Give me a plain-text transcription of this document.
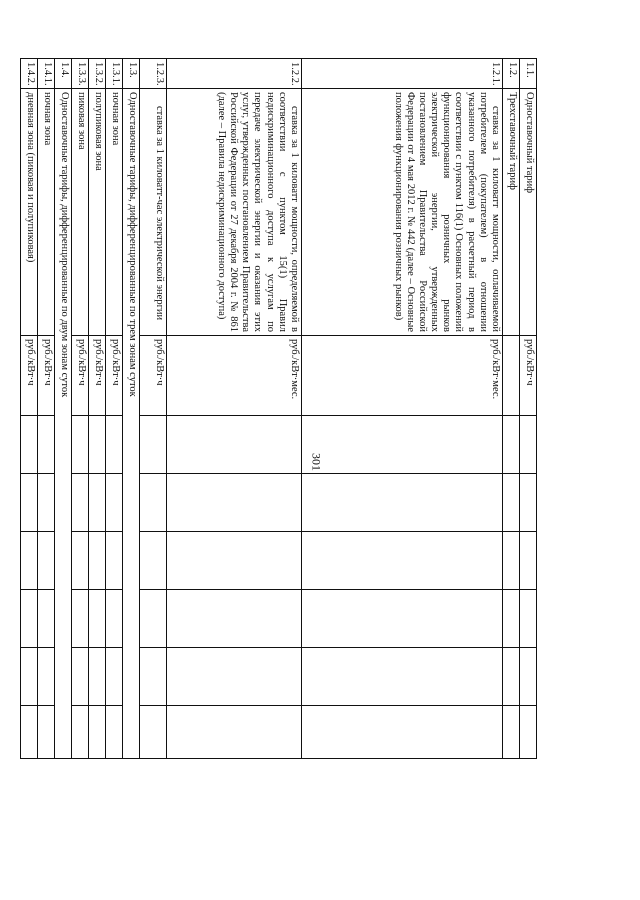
301
1.1.	Одноставочный тариф	руб./кВт·ч						
1.2.	Трехставочный тариф							
1.2.1.	ставка за 1 киловатт мощности, оплачиваемой потребителем (покупателем) в отношении указанного потребителя) в расчетный период в соответствии с пунктом 116(1) Основных положений функционирования розничных рынков электрической энергии, утвержденных постановлением Правительства Российской Федерации от 4 мая 2012 г. № 442 (далее – Основные положения функционирования розничных рынков)	руб./кВт·мес.						
1.2.2.	ставка за 1 киловатт мощности, определяемой в соответствии с пунктом 15(1) Правил недискриминационного доступа к услугам по передаче электрической энергии и оказания этих услуг, утвержденных постановлением Правительства Российской Федерации от 27 декабря 2004 г. № 861 (далее – Правила недискриминационного доступа)	руб./кВт·мес.						
1.2.3.	ставка за 1 киловатт-час электрической энергии	руб./кВт·ч						
1.3.	Одноставочные тарифы, дифференцированные по трем зонам суток							
1.3.1.	ночная зона	руб./кВт·ч						
1.3.2.	полупиковая зона	руб./кВт·ч						
1.3.3.	пиковая зона	руб./кВт·ч						
1.4.	Одноставочные тарифы, дифференцированные по двум зонам суток							
1.4.1.	ночная зона	руб./кВт·ч						
1.4.2.	дневная зона (пиковая и полупиковая)	руб./кВт·ч						
